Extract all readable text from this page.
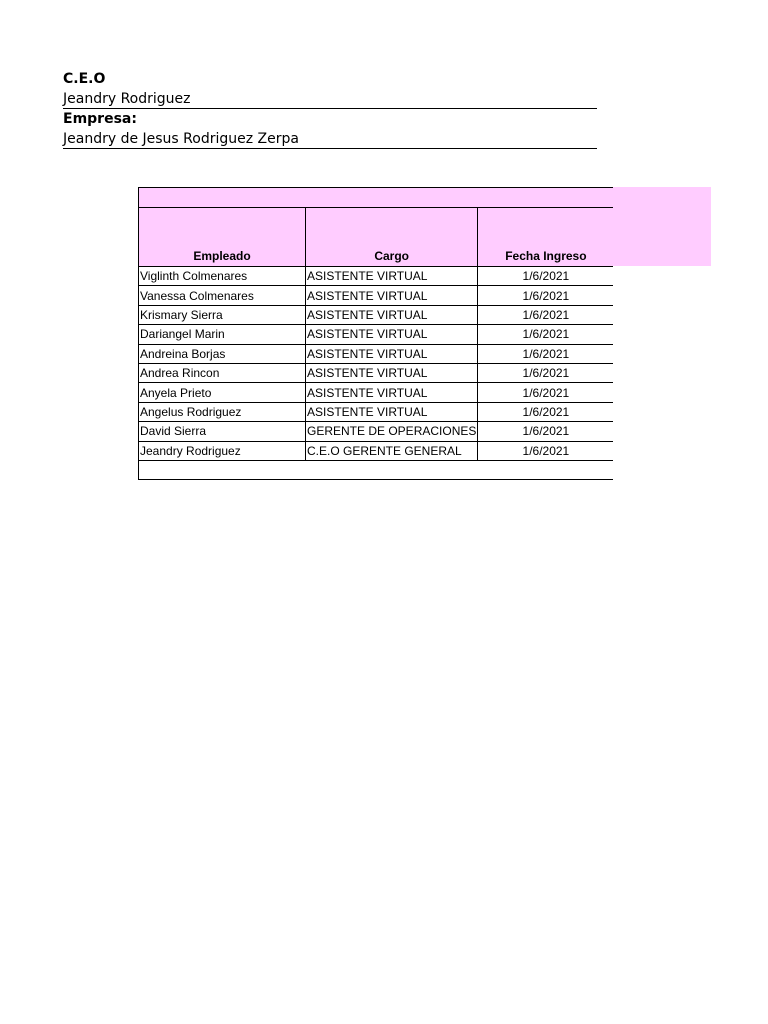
C.E.O
Jeandry Rodriguez
Empresa:
Jeandry de Jesus Rodriguez Zerpa

Empleado	Cargo	Fecha Ingreso
Viglinth Colmenares	ASISTENTE VIRTUAL	1/6/2021
Vanessa Colmenares	ASISTENTE VIRTUAL	1/6/2021
Krismary Sierra	ASISTENTE VIRTUAL	1/6/2021
Dariangel Marin	ASISTENTE VIRTUAL	1/6/2021
Andreina Borjas	ASISTENTE VIRTUAL	1/6/2021
Andrea Rincon	ASISTENTE VIRTUAL	1/6/2021
Anyela Prieto	ASISTENTE VIRTUAL	1/6/2021
Angelus Rodriguez	ASISTENTE VIRTUAL	1/6/2021
David Sierra	GERENTE DE OPERACIONES	1/6/2021
Jeandry Rodriguez	C.E.O GERENTE GENERAL	1/6/2021
